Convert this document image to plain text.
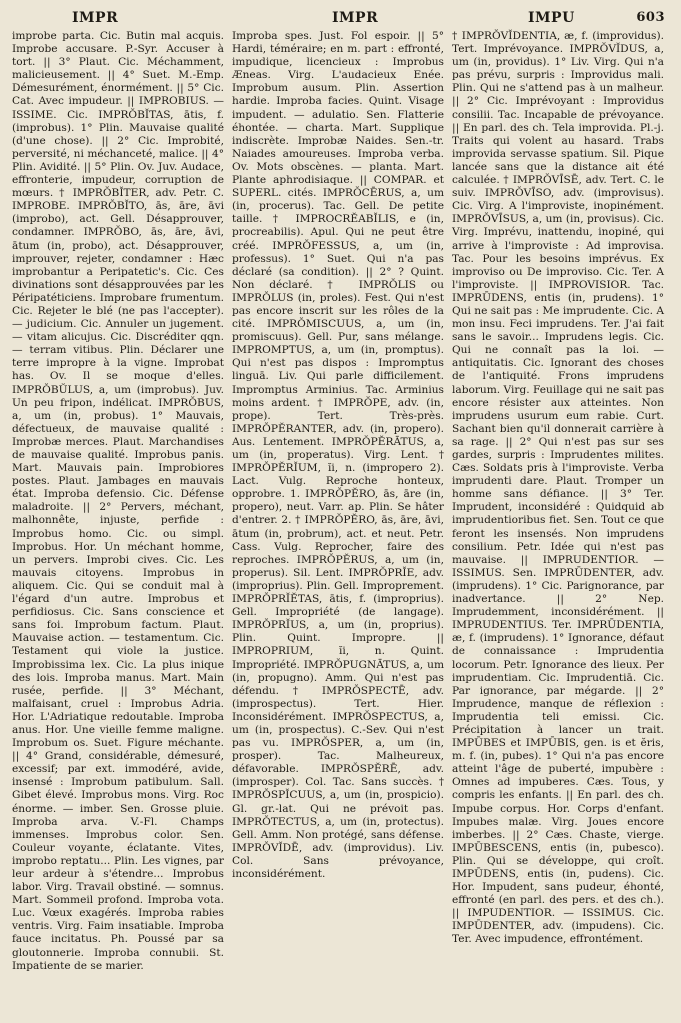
IMPR	IMPR	IMPU	603

improbe parta. Cic. Butin mal acquis. Improbe accusare. P.-Syr. Accuser à tort. || 3° Plaut. Cic. Méchamment, malicieusement. || 4° Suet. M.-Emp. Démesurément, énormément. || 5° Cic. Cat. Avec impudeur. || IMPROBIUS. — ISSIME. Cic. IMPRŎBĬTAS, ātis, f. (improbus). 1° Plin. Mauvaise qualité (d'une chose). || 2° Cic. Improbité, perversité, ni méchanceté, malice. || 4° Plin. Avidité. || 5° Plin. Ov. Juv. Audace, effronterie, impudeur, corruption de mœurs. † IMPRŎBĬTER, adv. Petr. C. IMPROBE. IMPRŎBĬTO, ās, āre, āvi (improbo), act. Gell. Désapprouver, condamner. IMPRŎBO, ās, āre, āvi, ātum (in, probo), act. Désapprouver, improuver, rejeter, condamner : Hæc improbantur a Peripatetic's. Cic. Ces divinations sont désapprouvées par les Péripatéticiens. Improbare frumentum. Cic. Rejeter le blé (ne pas l'accepter). — judicium. Cic. Annuler un jugement. — vitam alicujus. Cic. Discréditer qqn. — terram vitibus. Plin. Déclarer une terre impropre à la vigne. Improbat has. Ov. Il se moque d'elles. IMPRŎBŬLUS, a, um (improbus). Juv. Un peu fripon, indélicat. IMPRŎBUS, a, um (in, probus). 1° Mauvais, défectueux, de mauvaise qualité : Improbæ merces. Plaut. Marchandises de mauvaise qualité. Improbus panis. Mart. Mauvais pain. Improbiores postes. Plaut. Jambages en mauvais état. Improba defensio. Cic. Défense maladroite. || 2° Pervers, méchant, malhonnête, injuste, perfide : Improbus homo. Cic. ou simpl. Improbus. Hor. Un méchant homme, un pervers. Improbi cives. Cic. Les mauvais citoyens. Improbus in aliquem. Cic. Qui se conduit mal à l'égard d'un autre. Improbus et perfidiosus. Cic. Sans conscience et sans foi. Improbum factum. Plaut. Mauvaise action. — testamentum. Cic. Testament qui viole la justice. Improbissima lex. Cic. La plus inique des lois. Improba manus. Mart. Main rusée, perfide. || 3° Méchant, malfaisant, cruel : Improbus Adria. Hor. L'Adriatique redoutable. Improba anus. Hor. Une vieille femme maligne. Improbum os. Suet. Figure méchante. || 4° Grand, considérable, démesuré, excessif; par ext. immodéré, avide, insensé : Improbum patibulum. Sall. Gibet élevé. Improbus mons. Virg. Roc énorme. — imber. Sen. Grosse pluie. Improba arva. V.-Fl. Champs immenses. Improbus color. Sen. Couleur voyante, éclatante. Vites, improbo reptatu... Plin. Les vignes, par leur ardeur à s'étendre... Improbus labor. Virg. Travail obstiné. — somnus. Mart. Sommeil profond. Improba vota. Luc. Vœux exagérés. Improba rabies ventris. Virg. Faim insatiable. Improba fauce incitatus. Ph. Poussé par sa gloutonnerie. Improba connubii. St. Impatiente de se marier.

Improba spes. Just. Fol espoir. || 5° Hardi, téméraire; en m. part : effronté, impudique, licencieux : Improbus Æneas. Virg. L'audacieux Enée. Improbum ausum. Plin. Assertion hardie. Improba facies. Quint. Visage impudent. — adulatio. Sen. Flatterie éhontée. — charta. Mart. Supplique indiscrète. Improbæ Naides. Sen.-tr. Naiades amoureuses. Improba verba. Ov. Mots obscènes. — planta. Mart. Plante aphrodisiaque. || COMPAR. et SUPERL. cités. IMPRŎCĒRUS, a, um (in, procerus). Tac. Gell. De petite taille. † IMPROCRĔABĬLIS, e (in, procreabilis). Apul. Qui ne peut être créé. IMPRŎFESSUS, a, um (in, professus). 1° Suet. Qui n'a pas déclaré (sa condition). || 2° ? Quint. Non déclaré. † IMPRŎLIS ou IMPRŎLUS (in, proles). Fest. Qui n'est pas encore inscrit sur les rôles de la cité. IMPRŎMISCUUS, a, um (in, promiscuus). Gell. Pur, sans mélange. IMPROMPTUS, a, um (in, promptus). Qui n'est pas dispos : Impromptus linguā. Liv. Qui parle difficilement. Impromptus Arminius. Tac. Arminius moins ardent. † IMPRŎPE, adv. (in, prope). Tert. Très-près. IMPRŎPĔRANTER, adv. (in, propero). Aus. Lentement. IMPRŎPĔRĀTUS, a, um (in, properatus). Virg. Lent. † IMPRŎPĔRĬUM, ĭi, n. (impropero 2). Lact. Vulg. Reproche honteux, opprobre. 1. IMPRŎPĔRO, ās, āre (in, propero), neut. Varr. ap. Plin. Se hâter d'entrer. 2. † IMPRŎPĔRO, ās, āre, āvi, ātum (in, probrum), act. et neut. Petr. Cass. Vulg. Reprocher, faire des reproches. IMPRŎPĔRUS, a, um (in, properus). Sil. Lent. IMPRŎPRĬE, adv. (improprius). Plin. Gell. Improprement. IMPRŎPRĬĔTAS, ātis, f. (improprius). Gell. Impropriété (de langage). IMPRŎPRĬUS, a, um (in, proprius). Plin. Quint. Impropre. || IMPROPRIUM, ĭi, n. Quint. Impropriété. IMPRŎPUGNĀTUS, a, um (in, propugno). Amm. Qui n'est pas défendu. † IMPRŎSPECTĒ, adv. (improspectus). Tert. Hier. Inconsidérément. IMPRŎSPECTUS, a, um (in, prospectus). C.-Sev. Qui n'est pas vu. IMPRŎSPER, a, um (in, prosper). Tac. Malheureux, défavorable. IMPRŎSPĔRĒ, adv. (improsper). Col. Tac. Sans succès. † IMPRŎSPĬCUUS, a, um (in, prospicio). Gl. gr.-lat. Qui ne prévoit pas. IMPRŎTECTUS, a, um (in, protectus). Gell. Amm. Non protégé, sans défense. IMPRŎVĬDĒ, adv. (improvidus). Liv. Col. Sans prévoyance, inconsidérément.

† IMPRŎVĬDENTIA, æ, f. (improvidus). Tert. Imprévoyance. IMPRŎVĬDUS, a, um (in, providus). 1° Liv. Virg. Qui n'a pas prévu, surpris : Improvidus mali. Plin. Qui ne s'attend pas à un malheur. || 2° Cic. Imprévoyant : Improvidus consilii. Tac. Incapable de prévoyance. || En parl. des ch. Tela improvida. Pl.-j. Traits qui volent au hasard. Trabs improvida servasse spatium. Sil. Pique lancée sans que la distance ait été calculée. † IMPRŎVĪSĒ, adv. Tert. C. le suiv. IMPRŎVĪSO, adv. (improvisus). Cic. Virg. A l'improviste, inopinément. IMPRŎVĪSUS, a, um (in, provisus). Cic. Virg. Imprévu, inattendu, inopiné, qui arrive à l'improviste : Ad improvisa. Tac. Pour les besoins imprévus. Ex improviso ou De improviso. Cic. Ter. A l'improviste. || IMPROVISIOR. Tac. IMPRŪDENS, entis (in, prudens). 1° Qui ne sait pas : Me imprudente. Cic. A mon insu. Feci imprudens. Ter. J'ai fait sans le savoir... Imprudens legis. Cic. Qui ne connaît pas la loi. — antiquitatis. Cic. Ignorant des choses de l'antiquité. Frons imprudens laborum. Virg. Feuillage qui ne sait pas encore résister aux atteintes. Non imprudens usurum eum rabie. Curt. Sachant bien qu'il donnerait carrière à sa rage. || 2° Qui n'est pas sur ses gardes, surpris : Imprudentes milites. Cæs. Soldats pris à l'improviste. Verba imprudenti dare. Plaut. Tromper un homme sans défiance. || 3° Ter. Imprudent, inconsidéré : Quidquid ab imprudentioribus fiet. Sen. Tout ce que feront les insensés. Non imprudens consilium. Petr. Idée qui n'est pas mauvaise. || IMPRUDENTIOR. — ISSIMUS. Sen. IMPRŪDENTER, adv. (imprudens). 1° Cic. Parignorance, par inadvertance. || 2° Nep. Imprudemment, inconsidérément. || IMPRUDENTIUS. Ter. IMPRŪDENTIA, æ, f. (imprudens). 1° Ignorance, défaut de connaissance : Imprudentia locorum. Petr. Ignorance des lieux. Per imprudentiam. Cic. Imprudentiā. Cic. Par ignorance, par mégarde. || 2° Imprudence, manque de réflexion : Imprudentia teli emissi. Cic. Précipitation à lancer un trait. IMPŪBES et IMPŪBIS, gen. is et ĕris, m. f. (in, pubes). 1° Qui n'a pas encore atteint l'âge de puberté, impubère : Omnes ad impuberes. Cæs. Tous, y compris les enfants. || En parl. des ch. Impube corpus. Hor. Corps d'enfant. Impubes malæ. Virg. Joues encore imberbes. || 2° Cæs. Chaste, vierge. IMPŪBESCENS, entis (in, pubesco). Plin. Qui se développe, qui croît. IMPŪDENS, entis (in, pudens). Cic. Hor. Impudent, sans pudeur, éhonté, effronté (en parl. des pers. et des ch.). || IMPUDENTIOR. — ISSIMUS. Cic. IMPŪDENTER, adv. (impudens). Cic. Ter. Avec impudence, effrontément.
